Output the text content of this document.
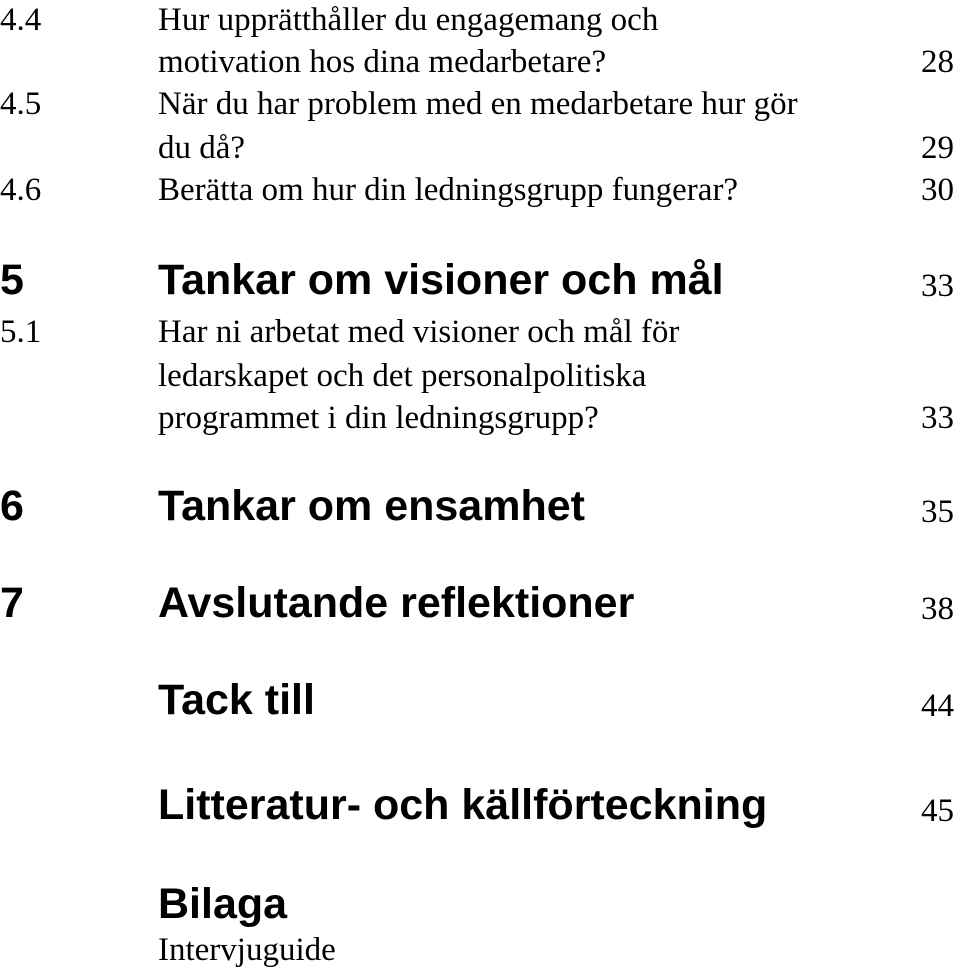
4.4	Hur upprätthåller du engagemang och
motivation hos dina medarbetare?	28
4.5	När du har problem med en medarbetare hur gör
du då?	29
4.6	Berätta om hur din ledningsgrupp fungerar?	30
5	Tankar om visioner och mål	33
5.1	Har ni arbetat med visioner och mål för
ledarskapet och det personalpolitiska
programmet i din ledningsgrupp?	33
6	Tankar om ensamhet	35
7	Avslutande reflektioner	38
Tack till	44
Litteratur- och källförteckning	45
Bilaga
Intervjuguide
